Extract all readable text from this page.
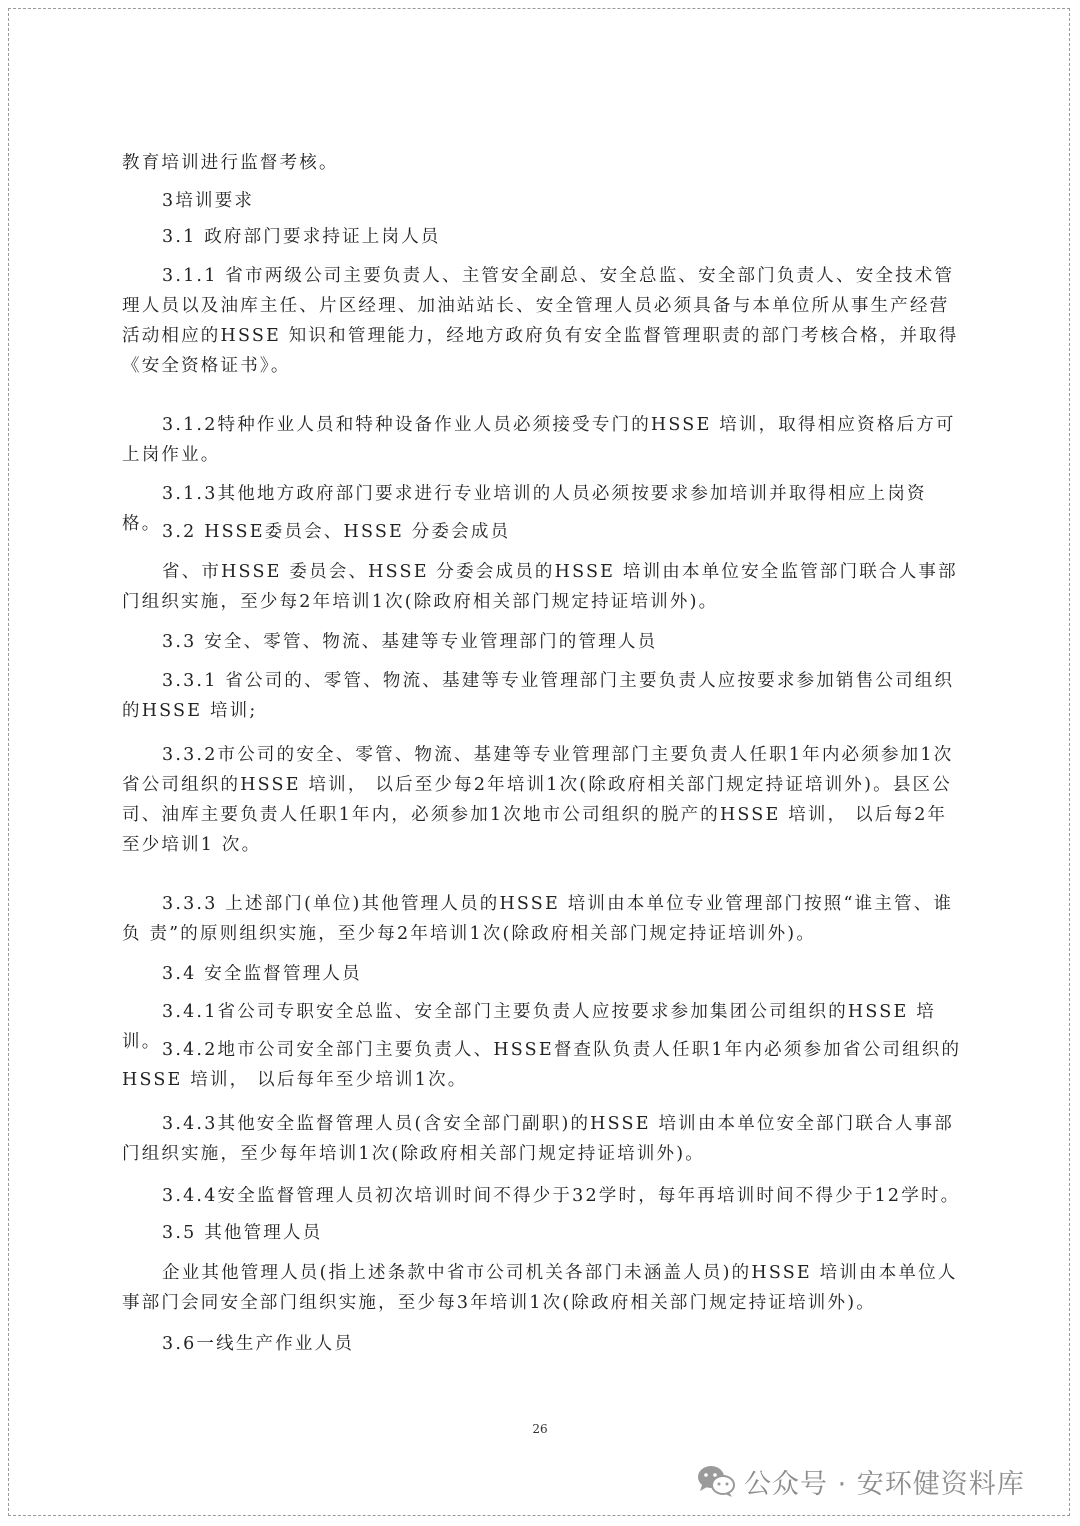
教育培训进行监督考核。
3培训要求
3.1 政府部门要求持证上岗人员
3.1.1 省市两级公司主要负责人、主管安全副总、安全总监、安全部门负责人、安全技术管理人员以及油库主任、片区经理、加油站站长、安全管理人员必须具备与本单位所从事生产经营活动相应的HSSE 知识和管理能力，经地方政府负有安全监督管理职责的部门考核合格，并取得《安全资格证书》。
3.1.2特种作业人员和特种设备作业人员必须接受专门的HSSE 培训，取得相应资格后方可上岗作业。
3.1.3其他地方政府部门要求进行专业培训的人员必须按要求参加培训并取得相应上岗资格。 3.2 HSSE委员会、HSSE 分委会成员
省、市HSSE 委员会、HSSE 分委会成员的HSSE 培训由本单位安全监管部门联合人事部门组织实施，至少每2年培训1次(除政府相关部门规定持证培训外)。
3.3 安全、零管、物流、基建等专业管理部门的管理人员
3.3.1 省公司的、零管、物流、基建等专业管理部门主要负责人应按要求参加销售公司组织的HSSE 培训;
3.3.2市公司的安全、零管、物流、基建等专业管理部门主要负责人任职1年内必须参加1次省公司组织的HSSE 培训， 以后至少每2年培训1次(除政府相关部门规定持证培训外)。县区公司、油库主要负责人任职1年内，必须参加1次地市公司组织的脱产的HSSE 培训， 以后每2年至少培训1 次。
3.3.3 上述部门(单位)其他管理人员的HSSE 培训由本单位专业管理部门按照“谁主管、谁负 责”的原则组织实施，至少每2年培训1次(除政府相关部门规定持证培训外)。
3.4 安全监督管理人员
3.4.1省公司专职安全总监、安全部门主要负责人应按要求参加集团公司组织的HSSE 培训。 3.4.2地市公司安全部门主要负责人、HSSE督查队负责人任职1年内必须参加省公司组织的HSSE 培训， 以后每年至少培训1次。
3.4.3其他安全监督管理人员(含安全部门副职)的HSSE 培训由本单位安全部门联合人事部门组织实施，至少每年培训1次(除政府相关部门规定持证培训外)。
3.4.4安全监督管理人员初次培训时间不得少于32学时，每年再培训时间不得少于12学时。
3.5 其他管理人员
企业其他管理人员(指上述条款中省市公司机关各部门未涵盖人员)的HSSE 培训由本单位人事部门会同安全部门组织实施，至少每3年培训1次(除政府相关部门规定持证培训外)。
3.6一线生产作业人员
26
公众号 · 安环健资料库
